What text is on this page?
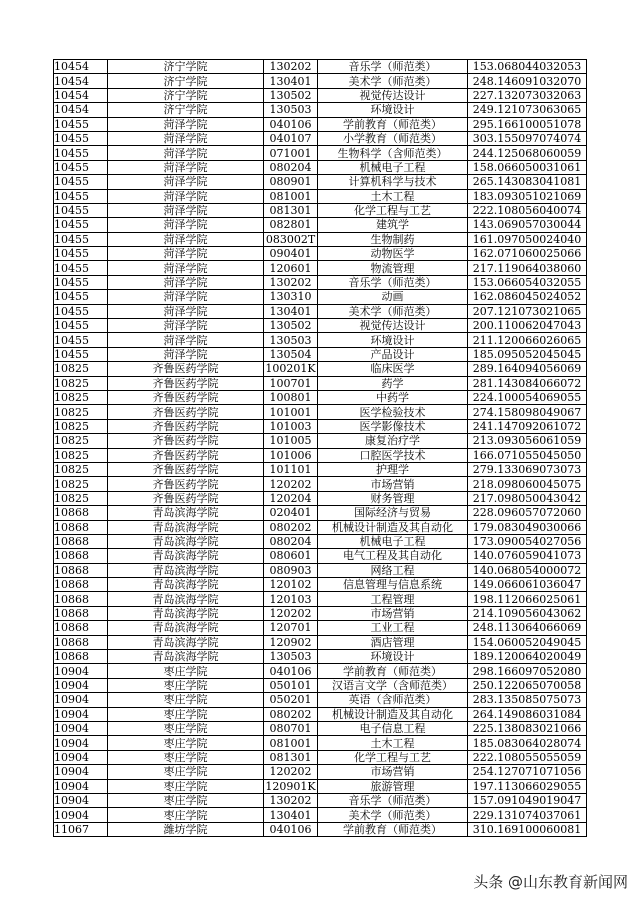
10454	济宁学院	130202	音乐学（师范类）	153.068044032053
10454	济宁学院	130401	美术学（师范类）	248.146091032070
10454	济宁学院	130502	视觉传达设计	227.132073032063
10454	济宁学院	130503	环境设计	249.121073063065
10455	菏泽学院	040106	学前教育（师范类）	295.166100051078
10455	菏泽学院	040107	小学教育（师范类）	303.155097074074
10455	菏泽学院	071001	生物科学（含师范类）	244.125068060059
10455	菏泽学院	080204	机械电子工程	158.066050031061
10455	菏泽学院	080901	计算机科学与技术	265.143083041081
10455	菏泽学院	081001	土木工程	183.093051021069
10455	菏泽学院	081301	化学工程与工艺	222.108056040074
10455	菏泽学院	082801	建筑学	143.069057030044
10455	菏泽学院	083002T	生物制药	161.097050024040
10455	菏泽学院	090401	动物医学	162.071060025066
10455	菏泽学院	120601	物流管理	217.119064038060
10455	菏泽学院	130202	音乐学（师范类）	153.066054032055
10455	菏泽学院	130310	动画	162.086045024052
10455	菏泽学院	130401	美术学（师范类）	207.121073021065
10455	菏泽学院	130502	视觉传达设计	200.110062047043
10455	菏泽学院	130503	环境设计	211.120066026065
10455	菏泽学院	130504	产品设计	185.095052045045
10825	齐鲁医药学院	100201K	临床医学	289.164094056069
10825	齐鲁医药学院	100701	药学	281.143084066072
10825	齐鲁医药学院	100801	中药学	224.100054069055
10825	齐鲁医药学院	101001	医学检验技术	274.158098049067
10825	齐鲁医药学院	101003	医学影像技术	241.147092061072
10825	齐鲁医药学院	101005	康复治疗学	213.093056061059
10825	齐鲁医药学院	101006	口腔医学技术	166.071055045050
10825	齐鲁医药学院	101101	护理学	279.133069073073
10825	齐鲁医药学院	120202	市场营销	218.098060045075
10825	齐鲁医药学院	120204	财务管理	217.098050043042
10868	青岛滨海学院	020401	国际经济与贸易	228.096057072060
10868	青岛滨海学院	080202	机械设计制造及其自动化	179.083049030066
10868	青岛滨海学院	080204	机械电子工程	173.090054027056
10868	青岛滨海学院	080601	电气工程及其自动化	140.076059041073
10868	青岛滨海学院	080903	网络工程	140.068054000072
10868	青岛滨海学院	120102	信息管理与信息系统	149.066061036047
10868	青岛滨海学院	120103	工程管理	198.112066025061
10868	青岛滨海学院	120202	市场营销	214.109056043062
10868	青岛滨海学院	120701	工业工程	248.113064066069
10868	青岛滨海学院	120902	酒店管理	154.060052049045
10868	青岛滨海学院	130503	环境设计	189.120064020049
10904	枣庄学院	040106	学前教育（师范类）	298.166097052080
10904	枣庄学院	050101	汉语言文学（含师范类）	250.122065070058
10904	枣庄学院	050201	英语（含师范类）	283.135085075073
10904	枣庄学院	080202	机械设计制造及其自动化	264.149086031084
10904	枣庄学院	080701	电子信息工程	225.138083021066
10904	枣庄学院	081001	土木工程	185.083064028074
10904	枣庄学院	081301	化学工程与工艺	222.108055055059
10904	枣庄学院	120202	市场营销	254.127071071056
10904	枣庄学院	120901K	旅游管理	197.113066029055
10904	枣庄学院	130202	音乐学（师范类）	157.091049019047
10904	枣庄学院	130401	美术学（师范类）	229.131074037061
11067	潍坊学院	040106	学前教育（师范类）	310.169100060081
头条 @山东教育新闻网
